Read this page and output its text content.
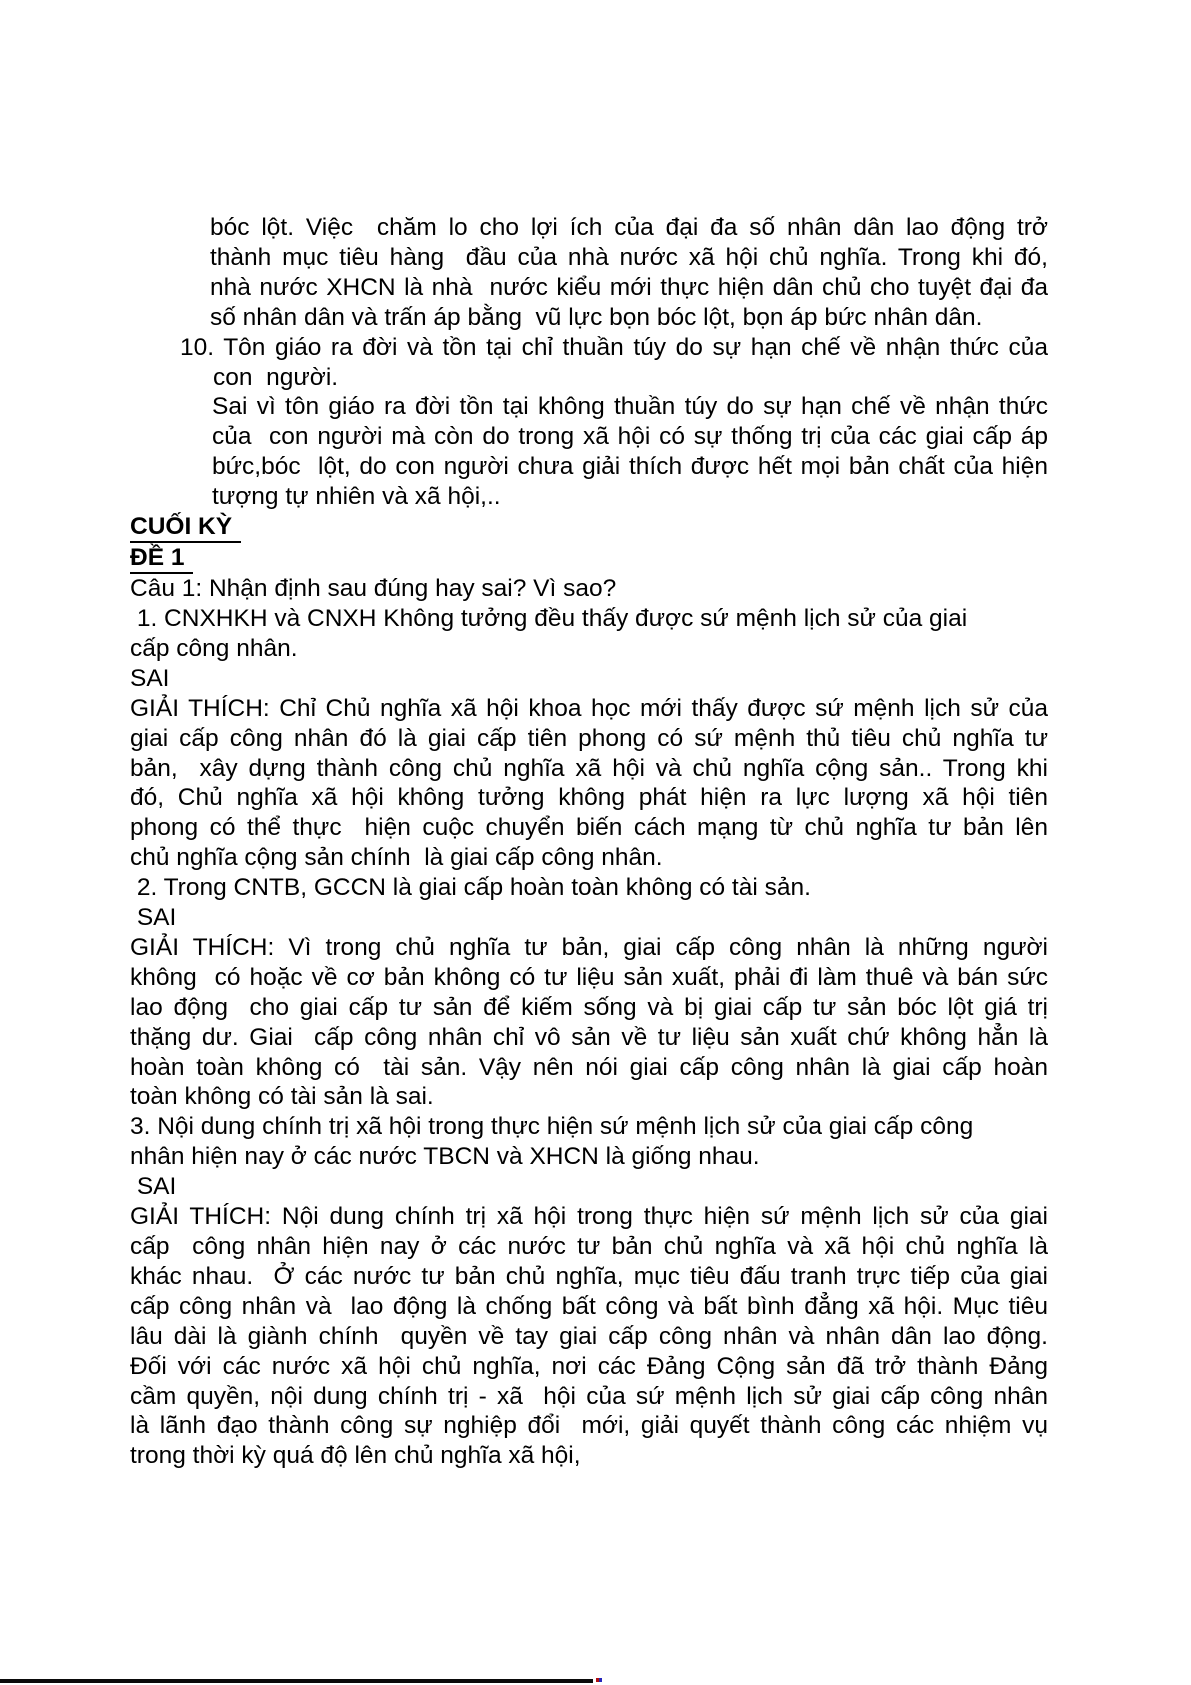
bóc lột. Việc  chăm lo cho lợi ích của đại đa số nhân dân lao động trở
thành mục tiêu hàng  đầu của nhà nước xã hội chủ nghĩa. Trong khi đó,
nhà nước XHCN là nhà  nước kiểu mới thực hiện dân chủ cho tuyệt đại đa
số nhân dân và trấn áp bằng  vũ lực bọn bóc lột, bọn áp bức nhân dân.
10. Tôn giáo ra đời và tồn tại chỉ thuần túy do sự hạn chế về nhận thức của
con  người.
Sai vì tôn giáo ra đời tồn tại không thuần túy do sự hạn chế về nhận thức
của  con người mà còn do trong xã hội có sự thống trị của các giai cấp áp
bức,bóc  lột, do con người chưa giải thích được hết mọi bản chất của hiện
tượng tự nhiên và xã hội,..
CUỐI KỲ
ĐỀ 1
Câu 1: Nhận định sau đúng hay sai? Vì sao?
1. CNXHKH và CNXH Không tưởng đều thấy được sứ mệnh lịch sử của giai
cấp công nhân.
SAI
GIẢI THÍCH: Chỉ Chủ nghĩa xã hội khoa học mới thấy được sứ mệnh lịch sử của
giai cấp công nhân đó là giai cấp tiên phong có sứ mệnh thủ tiêu chủ nghĩa tư
bản,  xây dựng thành công chủ nghĩa xã hội và chủ nghĩa cộng sản.. Trong khi
đó, Chủ nghĩa xã hội không tưởng không phát hiện ra lực lượng xã hội tiên
phong có thể thực  hiện cuộc chuyển biến cách mạng từ chủ nghĩa tư bản lên
chủ nghĩa cộng sản chính  là giai cấp công nhân.
2. Trong CNTB, GCCN là giai cấp hoàn toàn không có tài sản.
SAI
GIẢI THÍCH: Vì trong chủ nghĩa tư bản, giai cấp công nhân là những người
không  có hoặc về cơ bản không có tư liệu sản xuất, phải đi làm thuê và bán sức
lao động  cho giai cấp tư sản để kiếm sống và bị giai cấp tư sản bóc lột giá trị
thặng dư. Giai  cấp công nhân chỉ vô sản về tư liệu sản xuất chứ không hẳn là
hoàn toàn không có  tài sản. Vậy nên nói giai cấp công nhân là giai cấp hoàn
toàn không có tài sản là sai.
3. Nội dung chính trị xã hội trong thực hiện sứ mệnh lịch sử của giai cấp công
nhân hiện nay ở các nước TBCN và XHCN là giống nhau.
SAI
GIẢI THÍCH: Nội dung chính trị xã hội trong thực hiện sứ mệnh lịch sử của giai
cấp  công nhân hiện nay ở các nước tư bản chủ nghĩa và xã hội chủ nghĩa là
khác nhau.  Ở các nước tư bản chủ nghĩa, mục tiêu đấu tranh trực tiếp của giai
cấp công nhân và  lao động là chống bất công và bất bình đẳng xã hội. Mục tiêu
lâu dài là giành chính  quyền về tay giai cấp công nhân và nhân dân lao động.
Đối với các nước xã hội chủ nghĩa, nơi các Đảng Cộng sản đã trở thành Đảng
cầm quyền, nội dung chính trị - xã  hội của sứ mệnh lịch sử giai cấp công nhân
là lãnh đạo thành công sự nghiệp đổi  mới, giải quyết thành công các nhiệm vụ
trong thời kỳ quá độ lên chủ nghĩa xã hội,
